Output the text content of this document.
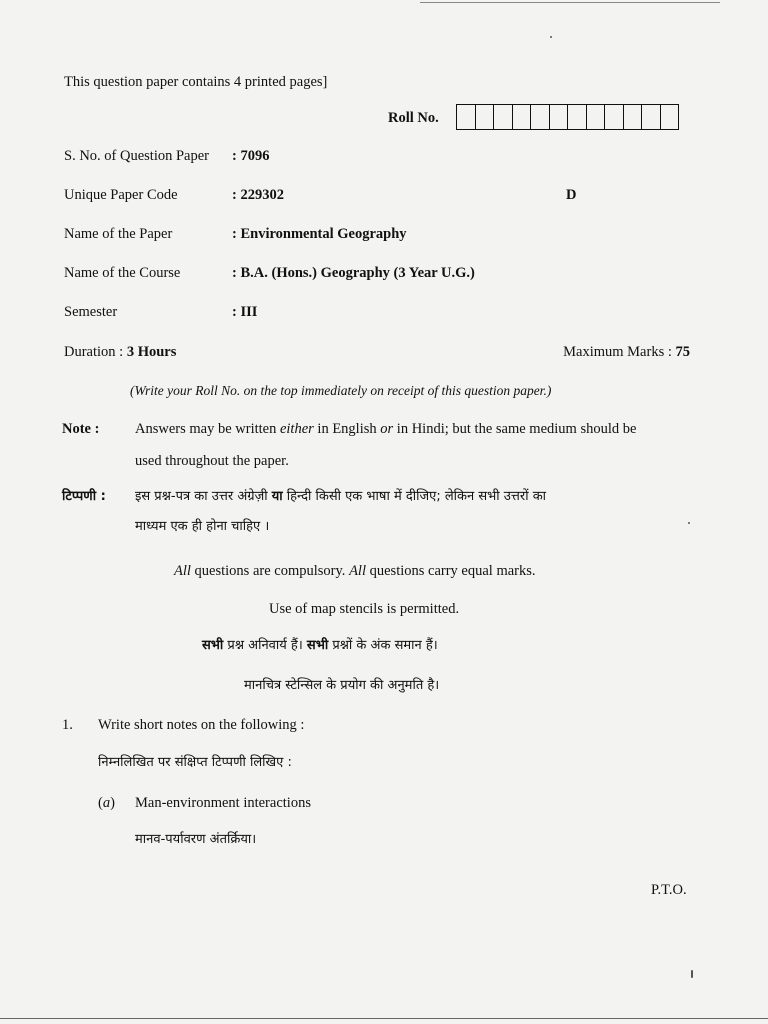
This question paper contains 4 printed pages]
Roll No.
S. No. of Question Paper : 7096
Unique Paper Code	: 229302	D
Name of the Paper	: Environmental Geography
Name of the Course	: B.A. (Hons.) Geography (3 Year U.G.)
Semester	: III
Duration : 3 Hours	Maximum Marks : 75
(Write your Roll No. on the top immediately on receipt of this question paper.)
Note : Answers may be written either in English or in Hindi; but the same medium should be
used throughout the paper.
टिप्पणी : इस प्रश्न-पत्र का उत्तर अंग्रेज़ी या हिन्दी किसी एक भाषा में दीजिए; लेकिन सभी उत्तरों का
माध्यम एक ही होना चाहिए ।
All questions are compulsory. All questions carry equal marks.
Use of map stencils is permitted.
सभी प्रश्न अनिवार्य हैं। सभी प्रश्नों के अंक समान हैं।
मानचित्र स्टेन्सिल के प्रयोग की अनुमति है।
1. Write short notes on the following :
निम्नलिखित पर संक्षिप्त टिप्पणी लिखिए :
(a) Man-environment interactions
मानव-पर्यावरण अंतर्क्रिया।
P.T.O.
